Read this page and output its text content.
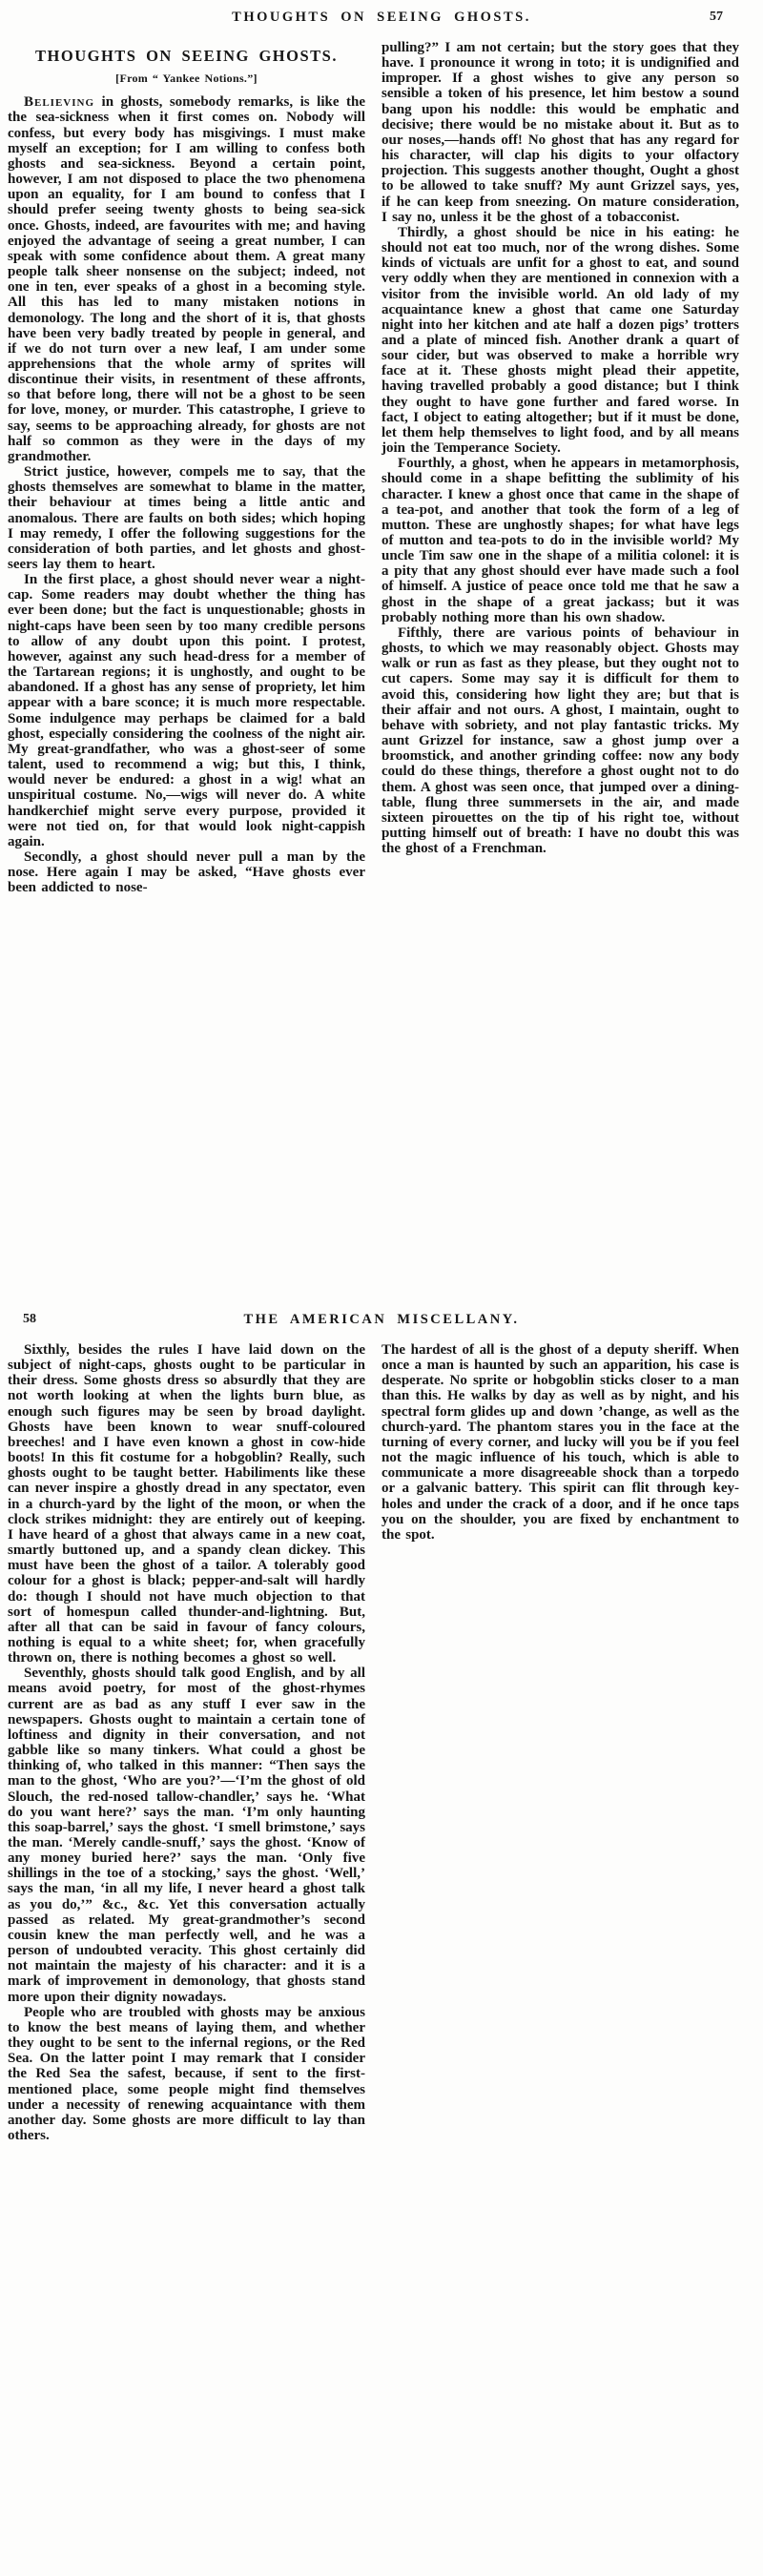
THOUGHTS ON SEEING GHOSTS.	57
THOUGHTS ON SEEING GHOSTS.
[From “ Yankee Notions.”]

Believing in ghosts, somebody remarks, is like the the sea-sickness when it first comes on. Nobody will confess, but every body has misgivings. I must make myself an exception; for I am willing to confess both ghosts and sea-sickness. Beyond a certain point, however, I am not disposed to place the two phenomena upon an equality, for I am bound to confess that I should prefer seeing twenty ghosts to being sea-sick once. Ghosts, indeed, are favourites with me; and having enjoyed the advantage of seeing a great number, I can speak with some confidence about them. A great many people talk sheer nonsense on the subject; indeed, not one in ten, ever speaks of a ghost in a becoming style. All this has led to many mistaken notions in demonology. The long and the short of it is, that ghosts have been very badly treated by people in general, and if we do not turn over a new leaf, I am under some apprehensions that the whole army of sprites will discontinue their visits, in resentment of these affronts, so that before long, there will not be a ghost to be seen for love, money, or murder. This catastrophe, I grieve to say, seems to be approaching already, for ghosts are not half so common as they were in the days of my grandmother.

Strict justice, however, compels me to say, that the ghosts themselves are somewhat to blame in the matter, their behaviour at times being a little antic and anomalous. There are faults on both sides; which hoping I may remedy, I offer the following suggestions for the consideration of both parties, and let ghosts and ghost-seers lay them to heart.

In the first place, a ghost should never wear a night-cap. Some readers may doubt whether the thing has ever been done; but the fact is unquestionable; ghosts in night-caps have been seen by too many credible persons to allow of any doubt upon this point. I protest, however, against any such head-dress for a member of the Tartarean regions; it is unghostly, and ought to be abandoned. If a ghost has any sense of propriety, let him appear with a bare sconce; it is much more respectable. Some indulgence may perhaps be claimed for a bald ghost, especially considering the coolness of the night air. My great-grandfather, who was a ghost-seer of some talent, used to recommend a wig; but this, I think, would never be endured: a ghost in a wig! what an unspiritual costume. No,—wigs will never do. A white handkerchief might serve every purpose, provided it were not tied on, for that would look night-cappish again.

Secondly, a ghost should never pull a man by the nose. Here again I may be asked, “Have ghosts ever been addicted to nose-

pulling?” I am not certain; but the story goes that they have. I pronounce it wrong in toto; it is undignified and improper. If a ghost wishes to give any person so sensible a token of his presence, let him bestow a sound bang upon his noddle: this would be emphatic and decisive; there would be no mistake about it. But as to our noses,—hands off! No ghost that has any regard for his character, will clap his digits to your olfactory projection. This suggests another thought, Ought a ghost to be allowed to take snuff? My aunt Grizzel says, yes, if he can keep from sneezing. On mature consideration, I say no, unless it be the ghost of a tobacconist.

Thirdly, a ghost should be nice in his eating: he should not eat too much, nor of the wrong dishes. Some kinds of victuals are unfit for a ghost to eat, and sound very oddly when they are mentioned in connexion with a visitor from the invisible world. An old lady of my acquaintance knew a ghost that came one Saturday night into her kitchen and ate half a dozen pigs’ trotters and a plate of minced fish. Another drank a quart of sour cider, but was observed to make a horrible wry face at it. These ghosts might plead their appetite, having travelled probably a good distance; but I think they ought to have gone further and fared worse. In fact, I object to eating altogether; but if it must be done, let them help themselves to light food, and by all means join the Temperance Society.

Fourthly, a ghost, when he appears in metamorphosis, should come in a shape befitting the sublimity of his character. I knew a ghost once that came in the shape of a tea-pot, and another that took the form of a leg of mutton. These are unghostly shapes; for what have legs of mutton and tea-pots to do in the invisible world? My uncle Tim saw one in the shape of a militia colonel: it is a pity that any ghost should ever have made such a fool of himself. A justice of peace once told me that he saw a ghost in the shape of a great jackass; but it was probably nothing more than his own shadow.

Fifthly, there are various points of behaviour in ghosts, to which we may reasonably object. Ghosts may walk or run as fast as they please, but they ought not to cut capers. Some may say it is difficult for them to avoid this, considering how light they are; but that is their affair and not ours. A ghost, I maintain, ought to behave with sobriety, and not play fantastic tricks. My aunt Grizzel for instance, saw a ghost jump over a broomstick, and another grinding coffee: now any body could do these things, therefore a ghost ought not to do them. A ghost was seen once, that jumped over a dining-table, flung three summersets in the air, and made sixteen pirouettes on the tip of his right toe, without putting himself out of breath: I have no doubt this was the ghost of a Frenchman.

58	THE AMERICAN MISCELLANY.

Sixthly, besides the rules I have laid down on the subject of night-caps, ghosts ought to be particular in their dress. Some ghosts dress so absurdly that they are not worth looking at when the lights burn blue, as enough such figures may be seen by broad daylight. Ghosts have been known to wear snuff-coloured breeches! and I have even known a ghost in cow-hide boots! In this fit costume for a hobgoblin? Really, such ghosts ought to be taught better. Habiliments like these can never inspire a ghostly dread in any spectator, even in a church-yard by the light of the moon, or when the clock strikes midnight: they are entirely out of keeping. I have heard of a ghost that always came in a new coat, smartly buttoned up, and a spandy clean dickey. This must have been the ghost of a tailor. A tolerably good colour for a ghost is black; pepper-and-salt will hardly do: though I should not have much objection to that sort of homespun called thunder-and-lightning. But, after all that can be said in favour of fancy colours, nothing is equal to a white sheet; for, when gracefully thrown on, there is nothing becomes a ghost so well.

Seventhly, ghosts should talk good English, and by all means avoid poetry, for most of the ghost-rhymes current are as bad as any stuff I ever saw in the newspapers. Ghosts ought to maintain a certain tone of loftiness and dignity in their conversation, and not gabble like so many tinkers. What could a ghost be thinking of, who talked in this manner: “Then says the man to the ghost, ‘Who are you?’—‘I’m the ghost of old Slouch, the red-nosed tallow-chandler,’ says he. ‘What do you want here?’ says the man. ‘I’m only haunting this soap-barrel,’ says the ghost. ‘I smell brimstone,’ says the man. ‘Merely candle-snuff,’ says the ghost. ‘Know of any money buried here?’ says the man. ‘Only five shillings in the toe of a stocking,’ says the ghost. ‘Well,’ says the man, ‘in all my life, I never heard a ghost talk as you do,’” &c., &c. Yet this conversation actually passed as related. My great-grandmother’s second cousin knew the man perfectly well, and he was a person of undoubted veracity. This ghost certainly did not maintain the majesty of his character: and it is a mark of improvement in demonology, that ghosts stand more upon their dignity nowadays.

People who are troubled with ghosts may be anxious to know the best means of laying them, and whether they ought to be sent to the infernal regions, or the Red Sea. On the latter point I may remark that I consider the Red Sea the safest, because, if sent to the first-mentioned place, some people might find themselves under a necessity of renewing acquaintance with them another day. Some ghosts are more difficult to lay than others.

The hardest of all is the ghost of a deputy sheriff. When once a man is haunted by such an apparition, his case is desperate. No sprite or hobgoblin sticks closer to a man than this. He walks by day as well as by night, and his spectral form glides up and down ’change, as well as the church-yard. The phantom stares you in the face at the turning of every corner, and lucky will you be if you feel not the magic influence of his touch, which is able to communicate a more disagreeable shock than a torpedo or a galvanic battery. This spirit can flit through key-holes and under the crack of a door, and if he once taps you on the shoulder, you are fixed by enchantment to the spot.
